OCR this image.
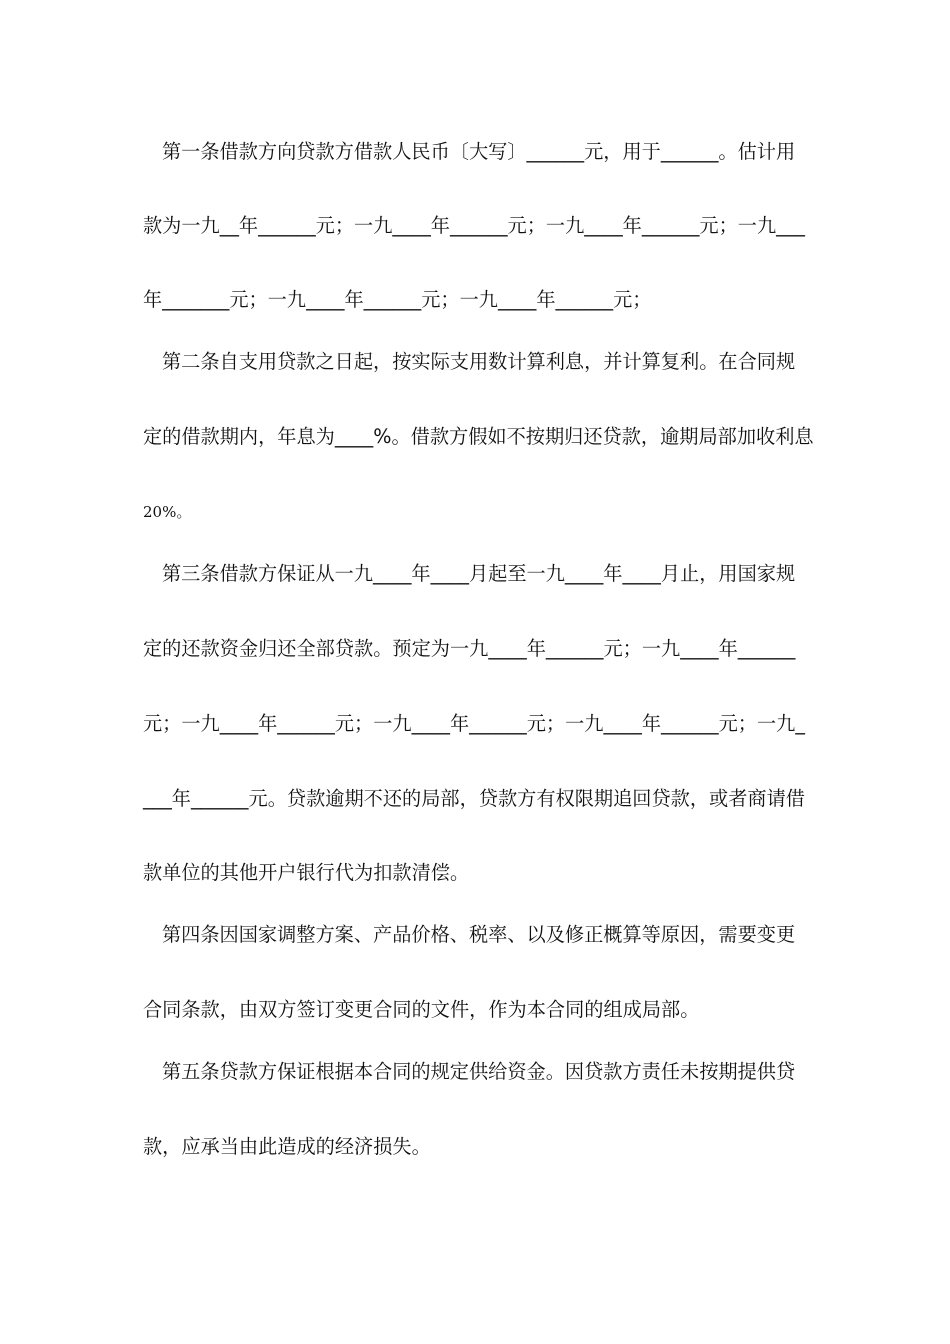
第一条借款方向贷款方借款人民币〔大写〕______元，用于______。估计用
款为一九__年______元；一九____年______元；一九____年______元；一九___
年_______元；一九____年______元；一九____年______元；
第二条自支用贷款之日起，按实际支用数计算利息，并计算复利。在合同规
定的借款期内，年息为____%。借款方假如不按期归还贷款，逾期局部加收利息
20%。
第三条借款方保证从一九____年____月起至一九____年____月止，用国家规
定的还款资金归还全部贷款。预定为一九____年______元；一九____年______
元；一九____年______元；一九____年______元；一九____年______元；一九_
___年______元。贷款逾期不还的局部，贷款方有权限期追回贷款，或者商请借
款单位的其他开户银行代为扣款清偿。
第四条因国家调整方案、产品价格、税率、以及修正概算等原因，需要变更
合同条款，由双方签订变更合同的文件，作为本合同的组成局部。
第五条贷款方保证根据本合同的规定供给资金。因贷款方责任未按期提供贷
款，应承当由此造成的经济损失。
